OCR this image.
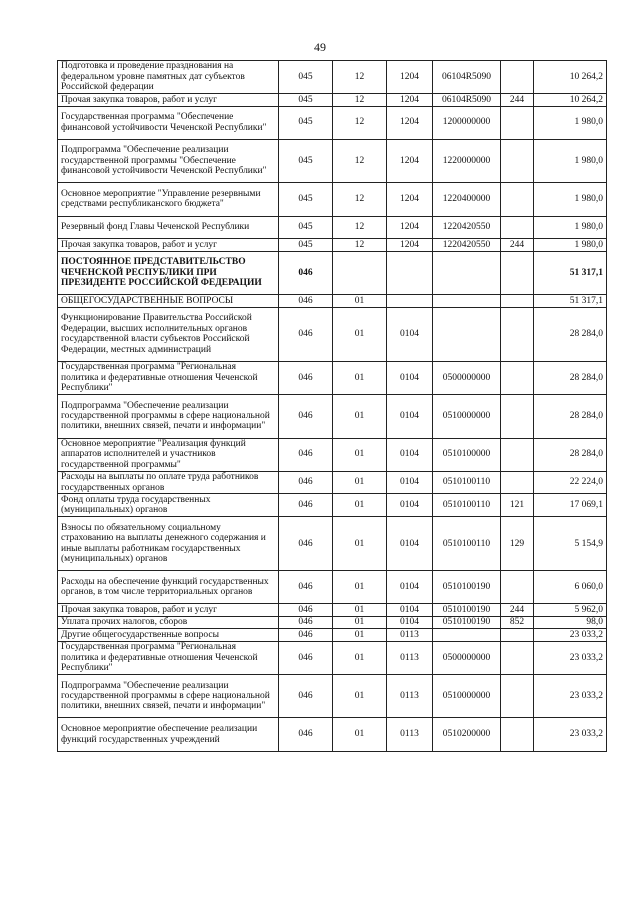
49
Подготовка и проведение празднования на федеральном уровне памятных дат субъектов Российской федерации	045	12	1204	06104R5090		10 264,2
Прочая закупка товаров, работ и услуг	045	12	1204	06104R5090	244	10 264,2
Государственная программа "Обеспечение финансовой устойчивости Чеченской Республики"	045	12	1204	1200000000		1 980,0
Подпрограмма "Обеспечение реализации государственной программы "Обеспечение финансовой устойчивости Чеченской Республики"	045	12	1204	1220000000		1 980,0
Основное мероприятие "Управление резервными средствами республиканского бюджета"	045	12	1204	1220400000		1 980,0
Резервный фонд Главы Чеченской Республики	045	12	1204	1220420550		1 980,0
Прочая закупка товаров, работ и услуг	045	12	1204	1220420550	244	1 980,0
ПОСТОЯННОЕ ПРЕДСТАВИТЕЛЬСТВО ЧЕЧЕНСКОЙ РЕСПУБЛИКИ ПРИ ПРЕЗИДЕНТЕ РОССИЙСКОЙ ФЕДЕРАЦИИ	046					51 317,1
ОБЩЕГОСУДАРСТВЕННЫЕ ВОПРОСЫ	046	01				51 317,1
Функционирование Правительства Российской Федерации, высших исполнительных органов государственной власти субъектов Российской Федерации, местных администраций	046	01	0104			28 284,0
Государственная программа "Региональная политика и федеративные отношения Чеченской Республики"	046	01	0104	0500000000		28 284,0
Подпрограмма "Обеспечение реализации государственной программы в сфере национальной политики, внешних связей, печати и информации"	046	01	0104	0510000000		28 284,0
Основное мероприятие "Реализация функций аппаратов исполнителей и участников государственной программы"	046	01	0104	0510100000		28 284,0
Расходы на выплаты по оплате труда работников государственных органов	046	01	0104	0510100110		22 224,0
Фонд оплаты труда государственных (муниципальных) органов	046	01	0104	0510100110	121	17 069,1
Взносы по обязательному социальному страхованию на выплаты денежного содержания и иные выплаты работникам государственных (муниципальных) органов	046	01	0104	0510100110	129	5 154,9
Расходы на обеспечение функций государственных органов, в том числе территориальных органов	046	01	0104	0510100190		6 060,0
Прочая закупка товаров, работ и услуг	046	01	0104	0510100190	244	5 962,0
Уплата прочих налогов, сборов	046	01	0104	0510100190	852	98,0
Другие общегосударственные вопросы	046	01	0113			23 033,2
Государственная программа "Региональная политика и федеративные отношения Чеченской Республики"	046	01	0113	0500000000		23 033,2
Подпрограмма "Обеспечение реализации государственной программы в сфере национальной политики, внешних связей, печати и информации"	046	01	0113	0510000000		23 033,2
Основное мероприятие обеспечение реализации функций государственных учреждений	046	01	0113	0510200000		23 033,2
